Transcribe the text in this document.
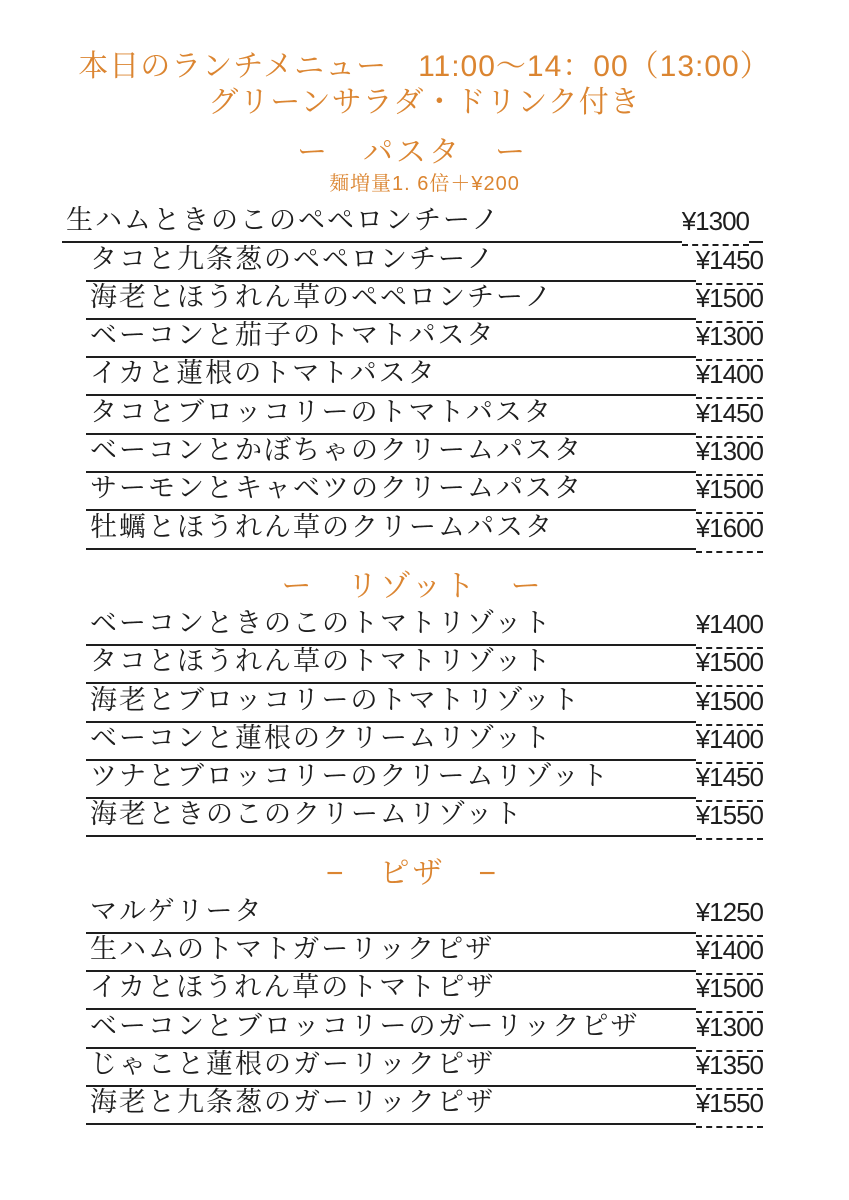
本日のランチメニュー　11:00～14：00（13:00）
グリーンサラダ・ドリンク付き
ー　パスタ　ー

麺増量1. 6倍＋¥200

生ハムときのこのペペロンチーノ	¥1300
タコと九条葱のペペロンチーノ	¥1450
海老とほうれん草のペペロンチーノ	¥1500
ベーコンと茄子のトマトパスタ	¥1300
イカと蓮根のトマトパスタ	¥1400
タコとブロッコリーのトマトパスタ	¥1450
ベーコンとかぼちゃのクリームパスタ	¥1300
サーモンとキャベツのクリームパスタ	¥1500
牡蠣とほうれん草のクリームパスタ	¥1600
ー　リゾット　ー
ベーコンときのこのトマトリゾット	¥1400
タコとほうれん草のトマトリゾット	¥1500
海老とブロッコリーのトマトリゾット	¥1500
ベーコンと蓮根のクリームリゾット	¥1400
ツナとブロッコリーのクリームリゾット	¥1450
海老ときのこのクリームリゾット	¥1550
−　ピザ　−
マルゲリータ	¥1250
生ハムのトマトガーリックピザ	¥1400
イカとほうれん草のトマトピザ	¥1500
ベーコンとブロッコリーのガーリックピザ ¥1300
じゃこと蓮根のガーリックピザ	¥1350
海老と九条葱のガーリックピザ	¥1550
